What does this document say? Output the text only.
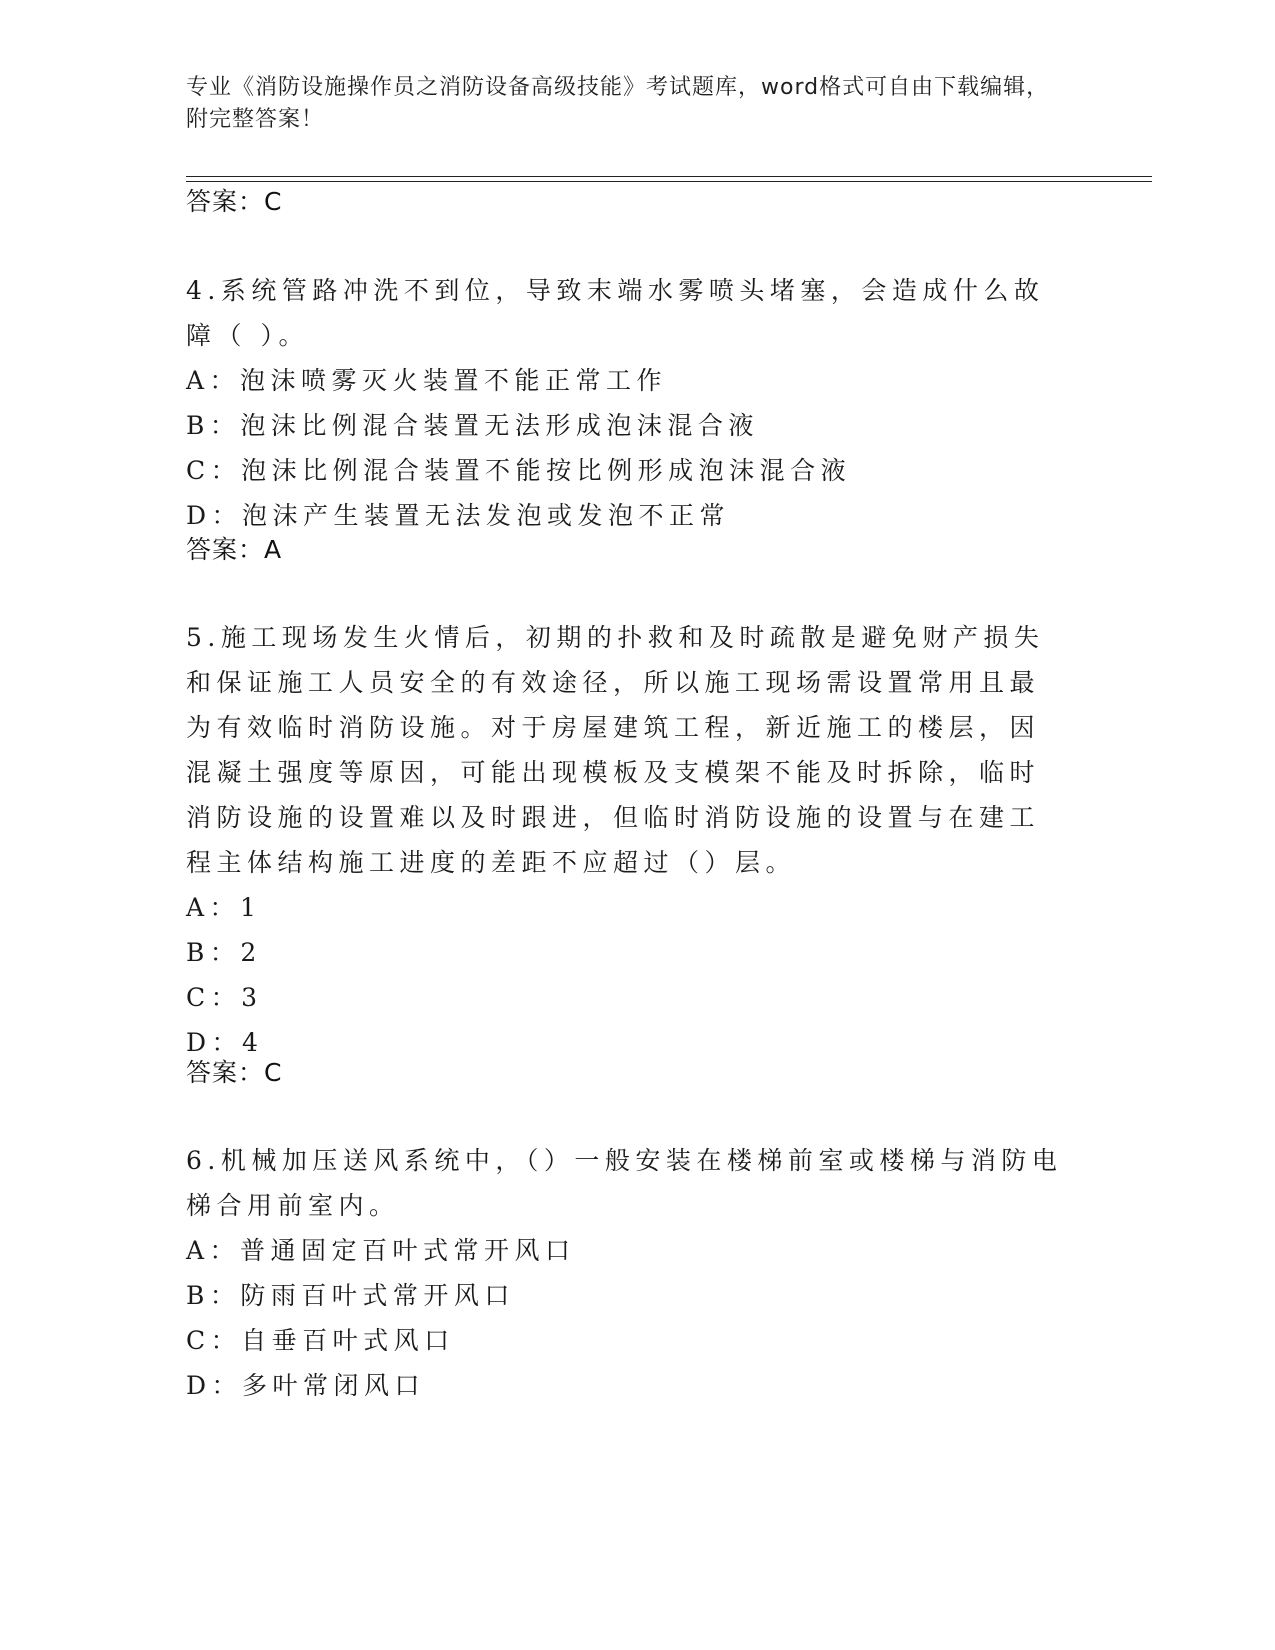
专业《消防设施操作员之消防设备高级技能》考试题库，word格式可自由下载编辑，附完整答案！
答案：C
4.系统管路冲洗不到位，导致末端水雾喷头堵塞，会造成什么故障（ ）。
A：泡沫喷雾灭火装置不能正常工作
B：泡沫比例混合装置无法形成泡沫混合液
C：泡沫比例混合装置不能按比例形成泡沫混合液
D：泡沫产生装置无法发泡或发泡不正常
答案：A
5.施工现场发生火情后，初期的扑救和及时疏散是避免财产损失和保证施工人员安全的有效途径，所以施工现场需设置常用且最为有效临时消防设施。对于房屋建筑工程，新近施工的楼层，因混凝土强度等原因，可能出现模板及支模架不能及时拆除，临时消防设施的设置难以及时跟进，但临时消防设施的设置与在建工程主体结构施工进度的差距不应超过（）层。
A：1
B：2
C：3
D：4
答案：C
6.机械加压送风系统中，（）一般安装在楼梯前室或楼梯与消防电梯合用前室内。
A：普通固定百叶式常开风口
B：防雨百叶式常开风口
C：自垂百叶式风口
D：多叶常闭风口
